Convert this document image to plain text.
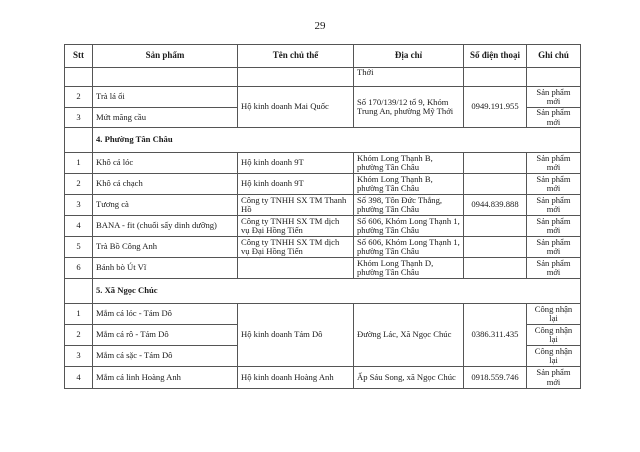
29
Stt	Sản phẩm	Tên chủ thể	Địa chỉ	Số điện thoại	Ghi chú
			Thới		
2	Trà lá ổi	Hộ kinh doanh Mai Quốc	Số 170/139/12 tổ 9, Khóm Trung An, phường Mỹ Thới	0949.191.955	Sản phẩm mới
3	Mứt mãng cầu				Sản phẩm mới
	4. Phường Tân Châu				
1	Khô cá lóc	Hộ kinh doanh 9T	Khóm Long Thạnh B, phường Tân Châu		Sản phẩm mới
2	Khô cá chạch	Hộ kinh doanh 9T	Khóm Long Thạnh B, phường Tân Châu		Sản phẩm mới
3	Tương cà	Công ty TNHH SX TM Thanh Hồ	Số 398, Tôn Đức Thắng, phường Tân Châu	0944.839.888	Sản phẩm mới
4	BANA - fit (chuối sấy dinh dưỡng)	Công ty TNHH SX TM dịch vụ Đại Hồng Tiến	Số 606, Khóm Long Thạnh 1, phường Tân Châu		Sản phẩm mới
5	Trà Bồ Công Anh	Công ty TNHH SX TM dịch vụ Đại Hồng Tiến	Số 606, Khóm Long Thạnh 1, phường Tân Châu		Sản phẩm mới
6	Bánh bò Út Vĩ		Khóm Long Thạnh D, phường Tân Châu		Sản phẩm mới
	5. Xã Ngọc Chúc				
1	Mắm cá lóc - Tám Dô	Hộ kinh doanh Tám Dô	Đường Lác, Xã Ngọc Chúc	0386.311.435	Công nhận lại
2	Mắm cá rô - Tám Dô				Công nhận lại
3	Mắm cá sặc - Tám Dô				Công nhận lại
4	Mắm cá linh Hoàng Anh	Hộ kinh doanh Hoàng Anh	Ấp Sáu Song, xã Ngọc Chúc	0918.559.746	Sản phẩm mới
